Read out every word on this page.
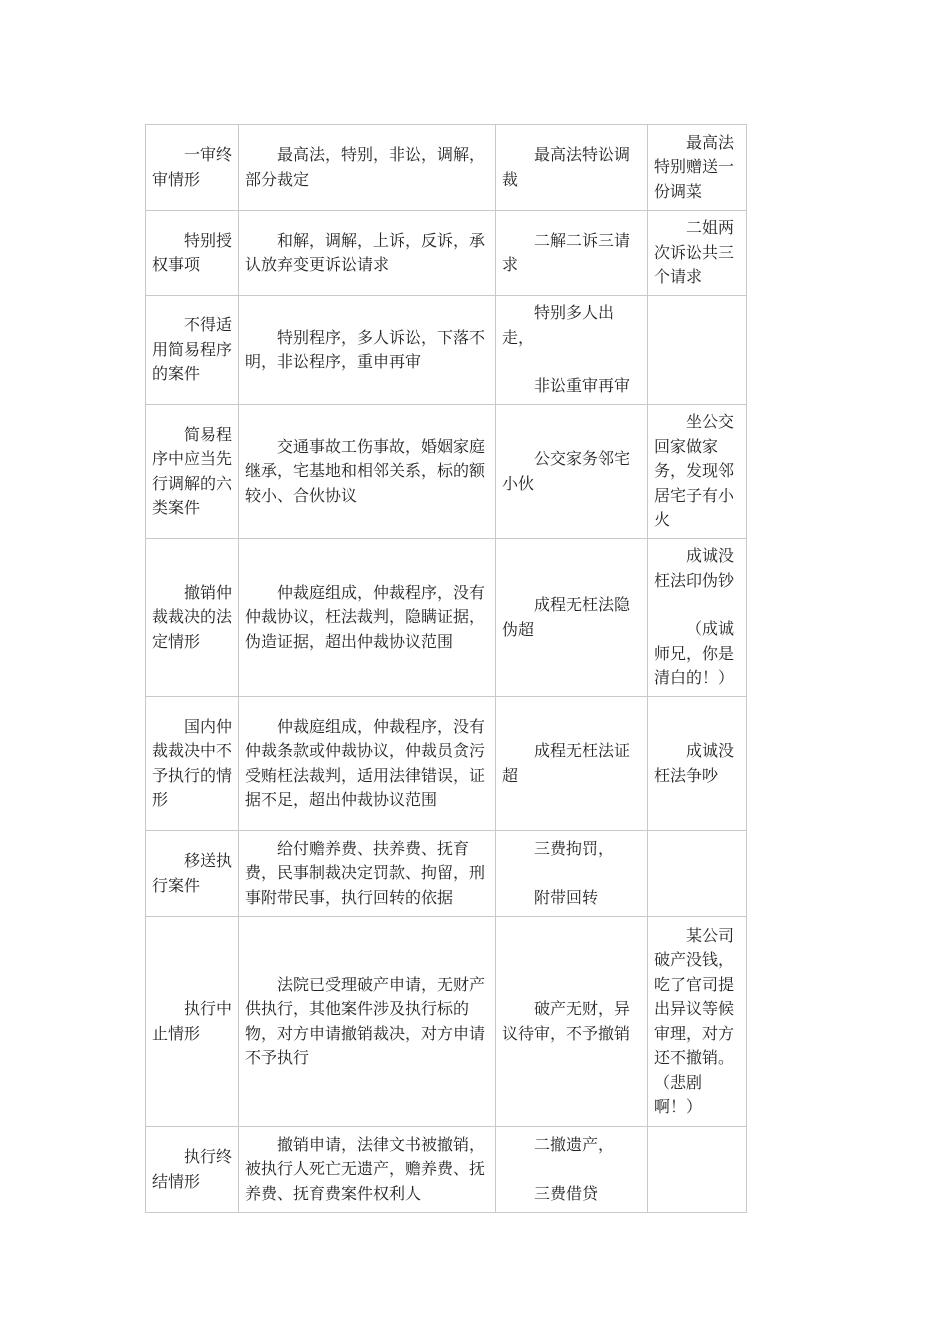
一审终审情形	最高法，特别，非讼，调解，部分裁定	最高法特讼调裁	最高法特别赠送一份调菜

特别授权事项	和解，调解，上诉，反诉，承认放弃变更诉讼请求	二解二诉三请求	二姐两次诉讼共三个请求

不得适用简易程序的案件	特别程序，多人诉讼，下落不明，非讼程序，重申再审	特别多人出走，
非讼重审再审	

简易程序中应当先行调解的六类案件	交通事故工伤事故，婚姻家庭继承，宅基地和相邻关系，标的额较小、合伙协议	公交家务邻宅小伙	坐公交回家做家务，发现邻居宅子有小火

撤销仲裁裁决的法定情形	仲裁庭组成，仲裁程序，没有仲裁协议，枉法裁判，隐瞒证据，伪造证据，超出仲裁协议范围	成程无枉法隐伪超	成诚没枉法印伪钞
（成诚师兄，你是清白的！）

国内仲裁裁决中不予执行的情形	仲裁庭组成，仲裁程序，没有仲裁条款或仲裁协议，仲裁员贪污受贿枉法裁判，适用法律错误，证据不足，超出仲裁协议范围	成程无枉法证超	成诚没枉法争吵

移送执行案件	给付赡养费、扶养费、抚育费，民事制裁决定罚款、拘留，刑事附带民事，执行回转的依据	三费拘罚，
附带回转	

执行中止情形	法院已受理破产申请，无财产供执行，其他案件涉及执行标的物，对方申请撤销裁决，对方申请不予执行	破产无财，异议待审，不予撤销	某公司破产没钱，吃了官司提出异议等候审理，对方还不撤销。（悲剧啊！）

执行终结情形	撤销申请，法律文书被撤销，被执行人死亡无遗产，赡养费、抚养费、抚育费案件权利人	二撤遗产，
三费借贷	
